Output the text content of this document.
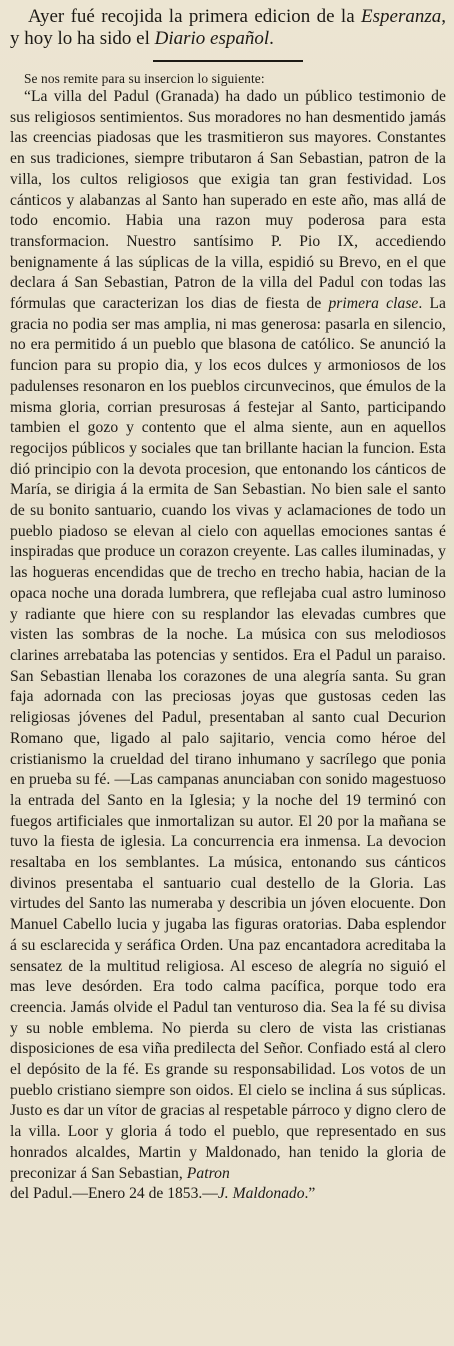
Ayer fué recojida la primera edicion de la Esperanza, y hoy lo ha sido el Diario español.

Se nos remite para su insercion lo siguiente:

“La villa del Padul (Granada) ha dado un público testimonio de sus religiosos sentimientos. Sus moradores no han desmentido jamás las creencias piadosas que les trasmitieron sus mayores. Constantes en sus tradiciones, siempre tributaron á San Sebastian, patron de la villa, los cultos religiosos que exigia tan gran festividad. Los cánticos y alabanzas al Santo han superado en este año, mas allá de todo encomio. Habia una razon muy poderosa para esta transformacion. Nuestro santísimo P. Pio IX, accediendo benignamente á las súplicas de la villa, espidió su Brevo, en el que declara á San Sebastian, Patron de la villa del Padul con todas las fórmulas que caracterizan los dias de fiesta de primera clase. La gracia no podia ser mas amplia, ni mas generosa: pasarla en silencio, no era permitido á un pueblo que blasona de católico. Se anunció la funcion para su propio dia, y los ecos dulces y armoniosos de los padulenses resonaron en los pueblos circunvecinos, que émulos de la misma gloria, corrian presurosas á festejar al Santo, participando tambien el gozo y contento que el alma siente, aun en aquellos regocijos públicos y sociales que tan brillante hacian la funcion. Esta dió principio con la devota procesion, que entonando los cánticos de María, se dirigia á la ermita de San Sebastian. No bien sale el santo de su bonito santuario, cuando los vivas y aclamaciones de todo un pueblo piadoso se elevan al cielo con aquellas emociones santas é inspiradas que produce un corazon creyente. Las calles iluminadas, y las hogueras encendidas que de trecho en trecho habia, hacian de la opaca noche una dorada lumbrera, que reflejaba cual astro luminoso y radiante que hiere con su resplandor las elevadas cumbres que visten las sombras de la noche. La música con sus melodiosos clarines arrebataba las potencias y sentidos. Era el Padul un paraiso. San Sebastian llenaba los corazones de una alegría santa. Su gran faja adornada con las preciosas joyas que gustosas ceden las religiosas jóvenes del Padul, presentaban al santo cual Decurion Romano que, ligado al palo sajitario, vencia como héroe del cristianismo la crueldad del tirano inhumano y sacrílego que ponia en prueba su fé. —Las campanas anunciaban con sonido magestuoso la entrada del Santo en la Iglesia; y la noche del 19 terminó con fuegos artificiales que inmortalizan su autor. El 20 por la mañana se tuvo la fiesta de iglesia. La concurrencia era inmensa. La devocion resaltaba en los semblantes. La música, entonando sus cánticos divinos presentaba el santuario cual destello de la Gloria. Las virtudes del Santo las numeraba y describia un jóven elocuente. Don Manuel Cabello lucia y jugaba las figuras oratorias. Daba esplendor á su esclarecida y seráfica Orden. Una paz encantadora acreditaba la sensatez de la multitud religiosa. Al esceso de alegría no siguió el mas leve desórden. Era todo calma pacífica, porque todo era creencia. Jamás olvide el Padul tan venturoso dia. Sea la fé su divisa y su noble emblema. No pierda su clero de vista las cristianas disposiciones de esa viña predilecta del Señor. Confiado está al clero el depósito de la fé. Es grande su responsabilidad. Los votos de un pueblo cristiano siempre son oidos. El cielo se inclina á sus súplicas. Justo es dar un vítor de gracias al respetable párroco y digno clero de la villa. Loor y gloria á todo el pueblo, que representado en sus honrados alcaldes, Martin y Maldonado, han tenido la gloria de preconizar á San Sebastian, Patron

del Padul.—Enero 24 de 1853.—J. Maldonado.”
